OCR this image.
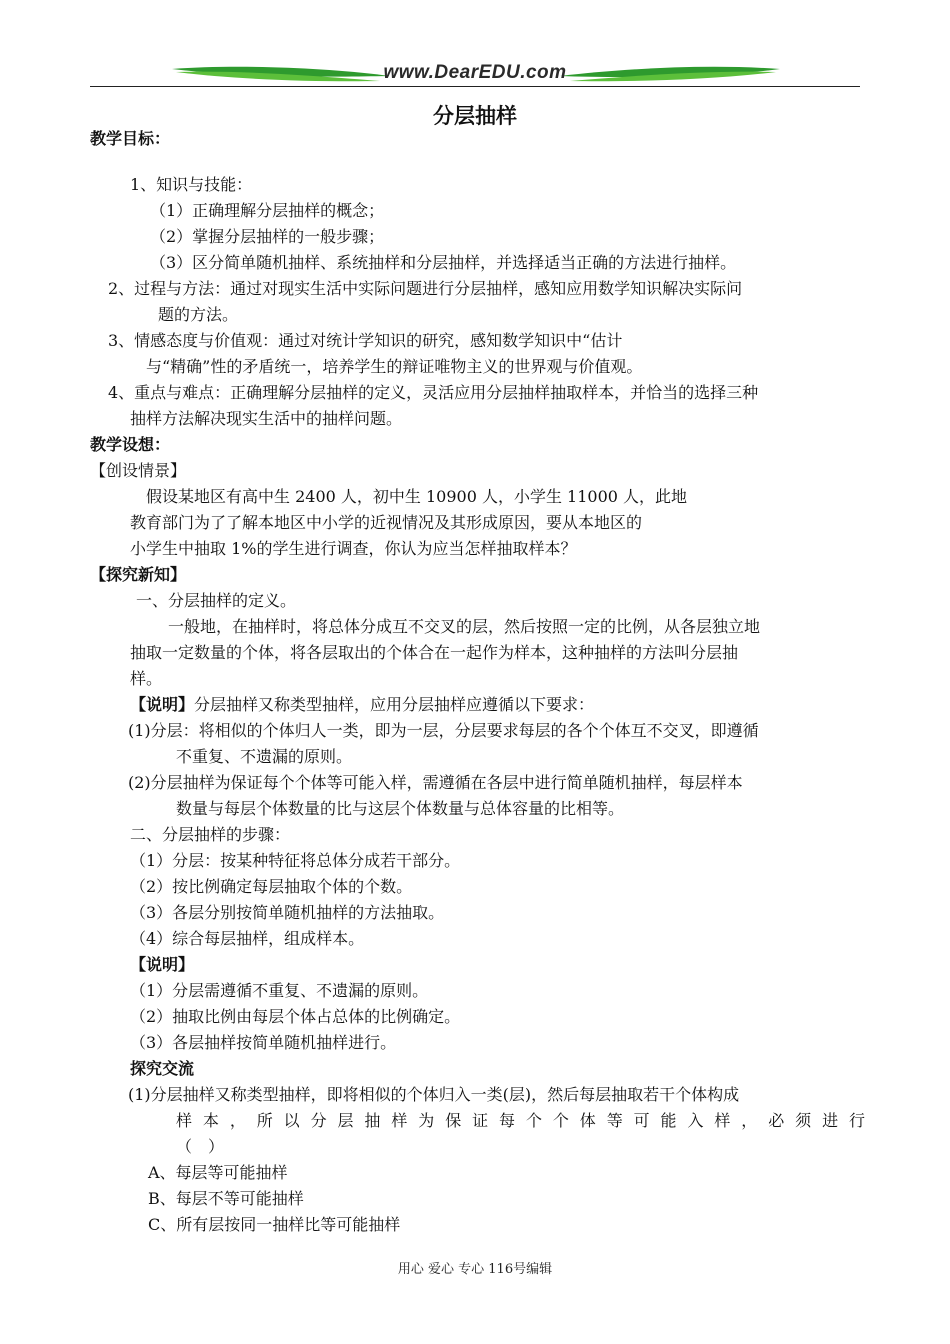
www.DearEDU.com
分层抽样
教学目标：
1、知识与技能：
（1）正确理解分层抽样的概念；
（2）掌握分层抽样的一般步骤；
（3）区分简单随机抽样、系统抽样和分层抽样，并选择适当正确的方法进行抽样。
2、过程与方法：通过对现实生活中实际问题进行分层抽样，感知应用数学知识解决实际问
题的方法。
3、情感态度与价值观：通过对统计学知识的研究，感知数学知识中“估计
与“精确”性的矛盾统一，培养学生的辩证唯物主义的世界观与价值观。
4、重点与难点：正确理解分层抽样的定义，灵活应用分层抽样抽取样本，并恰当的选择三种
抽样方法解决现实生活中的抽样问题。
教学设想：
【创设情景】
假设某地区有高中生 2400 人，初中生 10900 人，小学生 11000 人，此地
教育部门为了了解本地区中小学的近视情况及其形成原因，要从本地区的
小学生中抽取 1%的学生进行调查，你认为应当怎样抽取样本？
【探究新知】
一、分层抽样的定义。
一般地，在抽样时，将总体分成互不交叉的层，然后按照一定的比例，从各层独立地
抽取一定数量的个体，将各层取出的个体合在一起作为样本，这种抽样的方法叫分层抽
样。
【说明】分层抽样又称类型抽样，应用分层抽样应遵循以下要求：
(1)分层：将相似的个体归人一类，即为一层，分层要求每层的各个个体互不交叉，即遵循
不重复、不遗漏的原则。
(2)分层抽样为保证每个个体等可能入样，需遵循在各层中进行简单随机抽样，每层样本
数量与每层个体数量的比与这层个体数量与总体容量的比相等。
二、分层抽样的步骤：
（1）分层：按某种特征将总体分成若干部分。
（2）按比例确定每层抽取个体的个数。
（3）各层分别按简单随机抽样的方法抽取。
（4）综合每层抽样，组成样本。
【说明】
（1）分层需遵循不重复、不遗漏的原则。
（2）抽取比例由每层个体占总体的比例确定。
（3）各层抽样按简单随机抽样进行。
探究交流
(1)分层抽样又称类型抽样，即将相似的个体归入一类(层)，然后每层抽取若干个体构成
样本，所以分层抽样为保证每个个体等可能入样，必须进行
（　）
A、每层等可能抽样
B、每层不等可能抽样
C、所有层按同一抽样比等可能抽样
用心 爱心 专心 116号编辑
